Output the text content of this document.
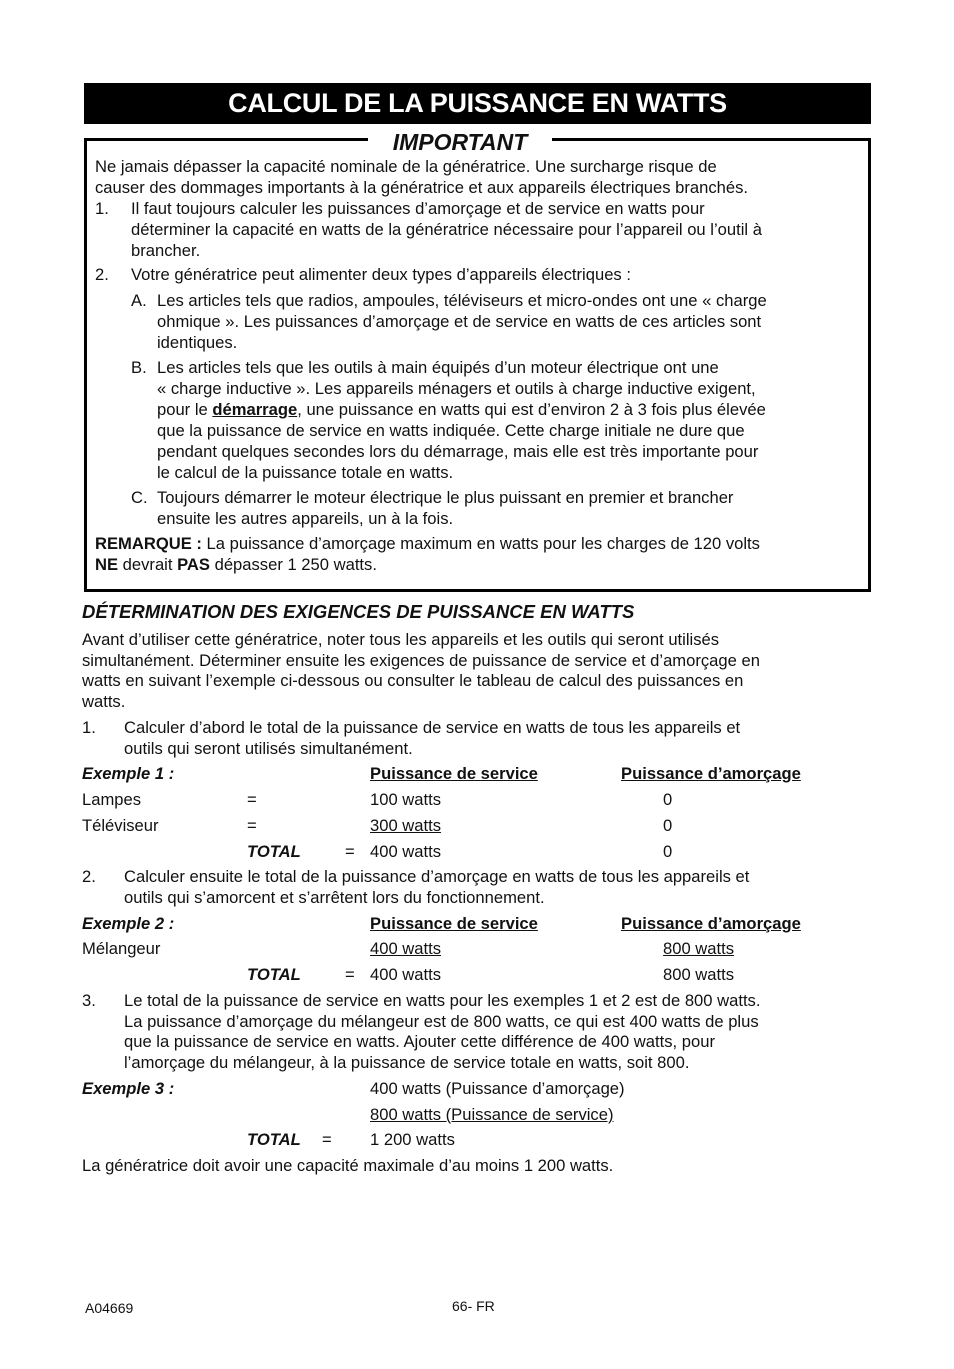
CALCUL DE LA PUISSANCE EN WATTS
IMPORTANT
Ne jamais dépasser la capacité nominale de la génératrice. Une surcharge risque de
causer des dommages importants à la génératrice et aux appareils électriques branchés.
1. Il faut toujours calculer les puissances d’amorçage et de service en watts pour
déterminer la capacité en watts de la génératrice nécessaire pour l’appareil ou l’outil à
brancher.
2. Votre génératrice peut alimenter deux types d’appareils électriques :
A. Les articles tels que radios, ampoules, téléviseurs et micro-ondes ont une « charge
ohmique ». Les puissances d’amorçage et de service en watts de ces articles sont
identiques.
B. Les articles tels que les outils à main équipés d’un moteur électrique ont une
« charge inductive ». Les appareils ménagers et outils à charge inductive exigent,
pour le démarrage, une puissance en watts qui est d’environ 2 à 3 fois plus élevée
que la puissance de service en watts indiquée. Cette charge initiale ne dure que
pendant quelques secondes lors du démarrage, mais elle est très importante pour
le calcul de la puissance totale en watts.
C. Toujours démarrer le moteur électrique le plus puissant en premier et brancher
ensuite les autres appareils, un à la fois.
REMARQUE : La puissance d’amorçage maximum en watts pour les charges de 120 volts
NE devrait PAS dépasser 1 250 watts.
DÉTERMINATION DES EXIGENCES DE PUISSANCE EN WATTS
Avant d’utiliser cette génératrice, noter tous les appareils et les outils qui seront utilisés
simultanément. Déterminer ensuite les exigences de puissance de service et d’amorçage en
watts en suivant l’exemple ci-dessous ou consulter le tableau de calcul des puissances en
watts.
1. Calculer d’abord le total de la puissance de service en watts de tous les appareils et
outils qui seront utilisés simultanément.
Exemple 1 :	Puissance de service	Puissance d’amorçage
Lampes	=	100 watts	0
Téléviseur	=	300 watts	0
TOTAL	= 400 watts	0
2. Calculer ensuite le total de la puissance d’amorçage en watts de tous les appareils et
outils qui s’amorcent et s’arrêtent lors du fonctionnement.
Exemple 2 :	Puissance de service	Puissance d’amorçage
Mélangeur	400 watts	800 watts
TOTAL	= 400 watts	800 watts
3. Le total de la puissance de service en watts pour les exemples 1 et 2 est de 800 watts.
La puissance d’amorçage du mélangeur est de 800 watts, ce qui est 400 watts de plus
que la puissance de service en watts. Ajouter cette différence de 400 watts, pour
l’amorçage du mélangeur, à la puissance de service totale en watts, soit 800.
Exemple 3 :	400 watts (Puissance d’amorçage)
800 watts (Puissance de service)
TOTAL = 1 200 watts
La génératrice doit avoir une capacité maximale d’au moins 1 200 watts.
A04669	66- FR
